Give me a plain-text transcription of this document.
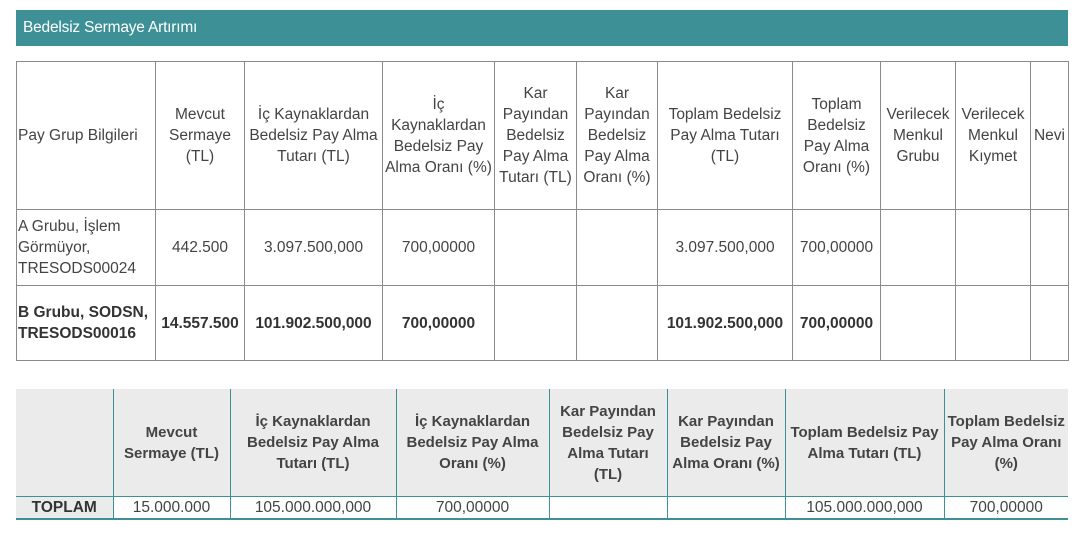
Bedelsiz Sermaye Artırımı
Pay Grup Bilgileri	Mevcut Sermaye (TL)	İç Kaynaklardan Bedelsiz Pay Alma Tutarı (TL)	İç Kaynaklardan Bedelsiz Pay Alma Oranı (%)	Kar Payından Bedelsiz Pay Alma Tutarı (TL)	Kar Payından Bedelsiz Pay Alma Oranı (%)	Toplam Bedelsiz Pay Alma Tutarı (TL)	Toplam Bedelsiz Pay Alma Oranı (%)	Verilecek Menkul Grubu	Verilecek Menkul Kıymet	Nevi
A Grubu, İşlem Görmüyor, TRESODS00024	442.500	3.097.500,000	700,00000			3.097.500,000	700,00000			
B Grubu, SODSN, TRESODS00016	14.557.500	101.902.500,000	700,00000			101.902.500,000	700,00000			
	Mevcut Sermaye (TL)	İç Kaynaklardan Bedelsiz Pay Alma Tutarı (TL)	İç Kaynaklardan Bedelsiz Pay Alma Oranı (%)	Kar Payından Bedelsiz Pay Alma Tutarı (TL)	Kar Payından Bedelsiz Pay Alma Oranı (%)	Toplam Bedelsiz Pay Alma Tutarı (TL)	Toplam Bedelsiz Pay Alma Oranı (%)
TOPLAM	15.000.000	105.000.000,000	700,00000			105.000.000,000	700,00000
